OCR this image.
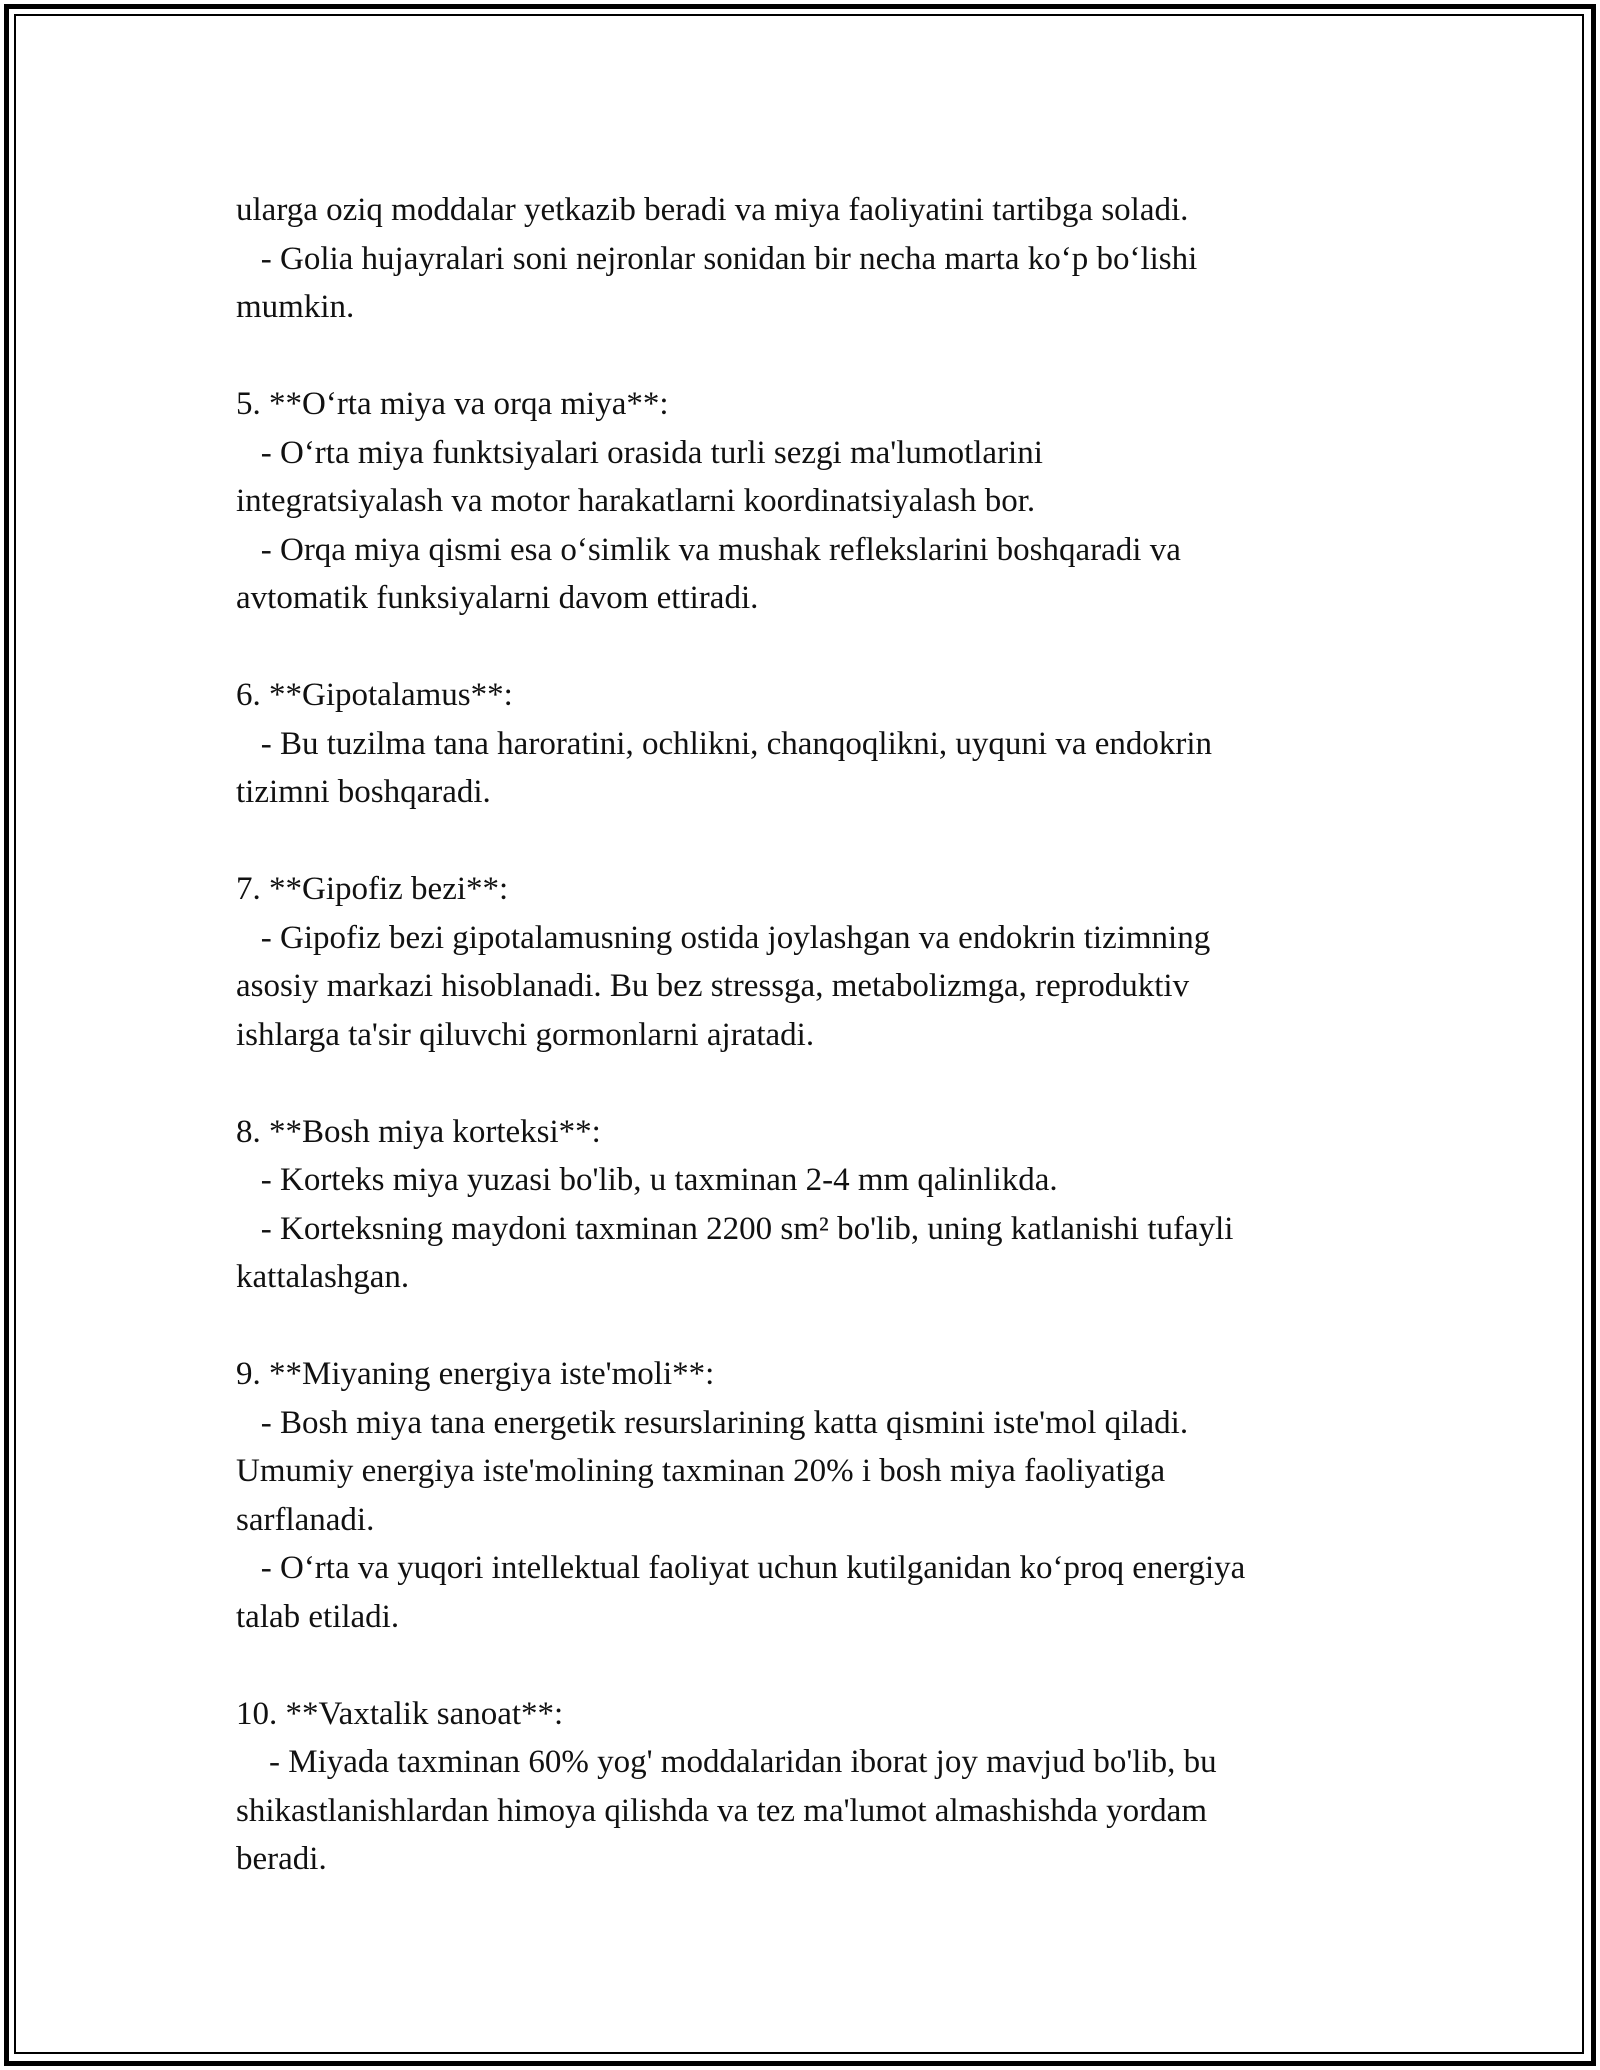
ularga oziq moddalar yetkazib beradi va miya faoliyatini tartibga soladi.

- Golia hujayralari soni nejronlar sonidan bir necha marta ko‘p bo‘lishi

mumkin.

5. **O‘rta miya va orqa miya**:

- O‘rta miya funktsiyalari orasida turli sezgi ma'lumotlarini

integratsiyalash va motor harakatlarni koordinatsiyalash bor.

- Orqa miya qismi esa o‘simlik va mushak reflekslarini boshqaradi va

avtomatik funksiyalarni davom ettiradi.

6. **Gipotalamus**:

- Bu tuzilma tana haroratini, ochlikni, chanqoqlikni, uyquni va endokrin

tizimni boshqaradi.

7. **Gipofiz bezi**:

- Gipofiz bezi gipotalamusning ostida joylashgan va endokrin tizimning

asosiy markazi hisoblanadi. Bu bez stressga, metabolizmga, reproduktiv

ishlarga ta'sir qiluvchi gormonlarni ajratadi.

8. **Bosh miya korteksi**:

- Korteks miya yuzasi bo'lib, u taxminan 2-4 mm qalinlikda.

- Korteksning maydoni taxminan 2200 sm² bo'lib, uning katlanishi tufayli

kattalashgan.

9. **Miyaning energiya iste'moli**:

- Bosh miya tana energetik resurslarining katta qismini iste'mol qiladi.

Umumiy energiya iste'molining taxminan 20% i bosh miya faoliyatiga

sarflanadi.

- O‘rta va yuqori intellektual faoliyat uchun kutilganidan ko‘proq energiya

talab etiladi.

10. **Vaxtalik sanoat**:

- Miyada taxminan 60% yog' moddalaridan iborat joy mavjud bo'lib, bu

shikastlanishlardan himoya qilishda va tez ma'lumot almashishda yordam

beradi.
